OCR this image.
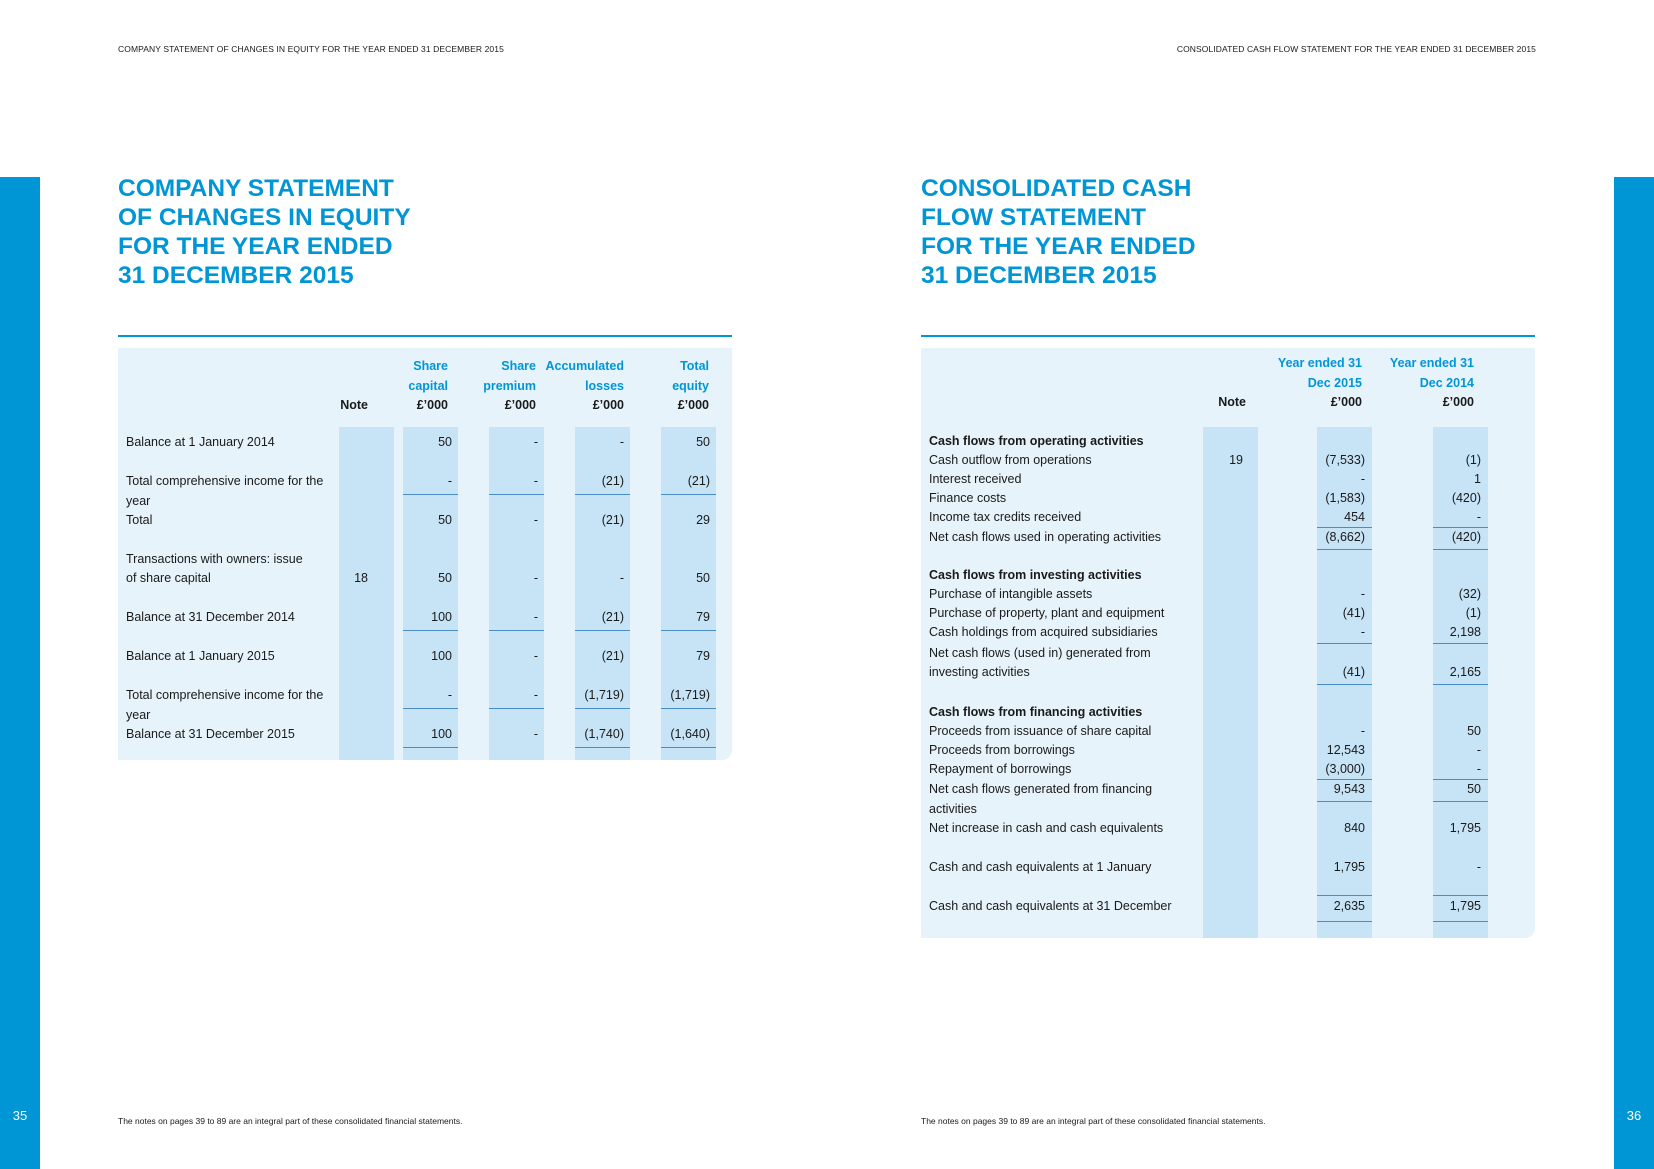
COMPANY STATEMENT OF CHANGES IN EQUITY FOR THE YEAR ENDED 31 DECEMBER 2015
35
COMPANY STATEMENT
OF CHANGES IN EQUITY
FOR THE YEAR ENDED
31 DECEMBER 2015
Note
Share
capital
£’000
Share
premium
£’000
Accumulated
losses
£’000
Total
equity
£’000
Balance at 1 January 2014	50	-	-	50
Total comprehensive income for the year
-	-	(21)	(21)
Total	50	-	(21)	29
Transactions with owners: issue
of share capital	18	50	-	-	50
Balance at 31 December 2014	100	-	(21)	79
Balance at 1 January 2015	100	-	(21)	79
Total comprehensive income for the year
-	-	(1,719)	(1,719)
Balance at 31 December 2015	100	-	(1,740)	(1,640)
The notes on pages 39 to 89 are an integral part of these consolidated financial statements.
CONSOLIDATED CASH FLOW STATEMENT FOR THE YEAR ENDED 31 DECEMBER 2015
36
CONSOLIDATED CASH
FLOW STATEMENT
FOR THE YEAR ENDED
31 DECEMBER 2015
Note
Year ended 31
Dec 2015
£’000
Year ended 31
Dec 2014
£’000
Cash flows from operating activities
Cash outflow from operations	19	(7,533)	(1)
Interest received	-	1
Finance costs	(1,583)	(420)
Income tax credits received	454	-
Net cash flows used in operating activities	(8,662)	(420)
Cash flows from investing activities
Purchase of intangible assets	-	(32)
Purchase of property, plant and equipment	(41)	(1)
Cash holdings from acquired subsidiaries	-	2,198
Net cash flows (used in) generated from
investing activities	(41)	2,165
Cash flows from financing activities
Proceeds from issuance of share capital	-	50
Proceeds from borrowings	12,543	-
Repayment of borrowings	(3,000)	-
Net cash flows generated from financing activities
9,543	50
Net increase in cash and cash equivalents	840	1,795
Cash and cash equivalents at 1 January	1,795	-
Cash and cash equivalents at 31 December	2,635	1,795
The notes on pages 39 to 89 are an integral part of these consolidated financial statements.
